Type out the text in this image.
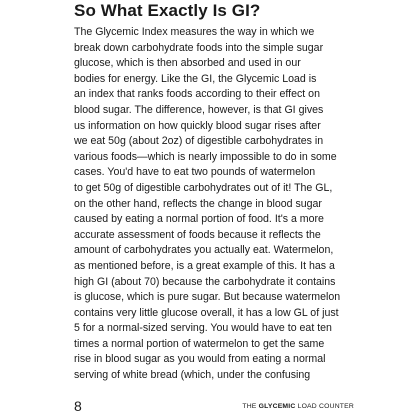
So What Exactly Is GI?
The Glycemic Index measures the way in which we
break down carbohydrate foods into the simple sugar
glucose, which is then absorbed and used in our
bodies for energy. Like the GI, the Glycemic Load is
an index that ranks foods according to their effect on
blood sugar. The difference, however, is that GI gives
us information on how quickly blood sugar rises after
we eat 50g (about 2oz) of digestible carbohydrates in
various foods—which is nearly impossible to do in some
cases. You'd have to eat two pounds of watermelon
to get 50g of digestible carbohydrates out of it! The GL,
on the other hand, reflects the change in blood sugar
caused by eating a normal portion of food. It's a more
accurate assessment of foods because it reflects the
amount of carbohydrates you actually eat. Watermelon,
as mentioned before, is a great example of this. It has a
high GI (about 70) because the carbohydrate it contains
is glucose, which is pure sugar. But because watermelon
contains very little glucose overall, it has a low GL of just
5 for a normal-sized serving. You would have to eat ten
times a normal portion of watermelon to get the same
rise in blood sugar as you would from eating a normal
serving of white bread (which, under the confusing
8	THE GLYCEMIC LOAD COUNTER
